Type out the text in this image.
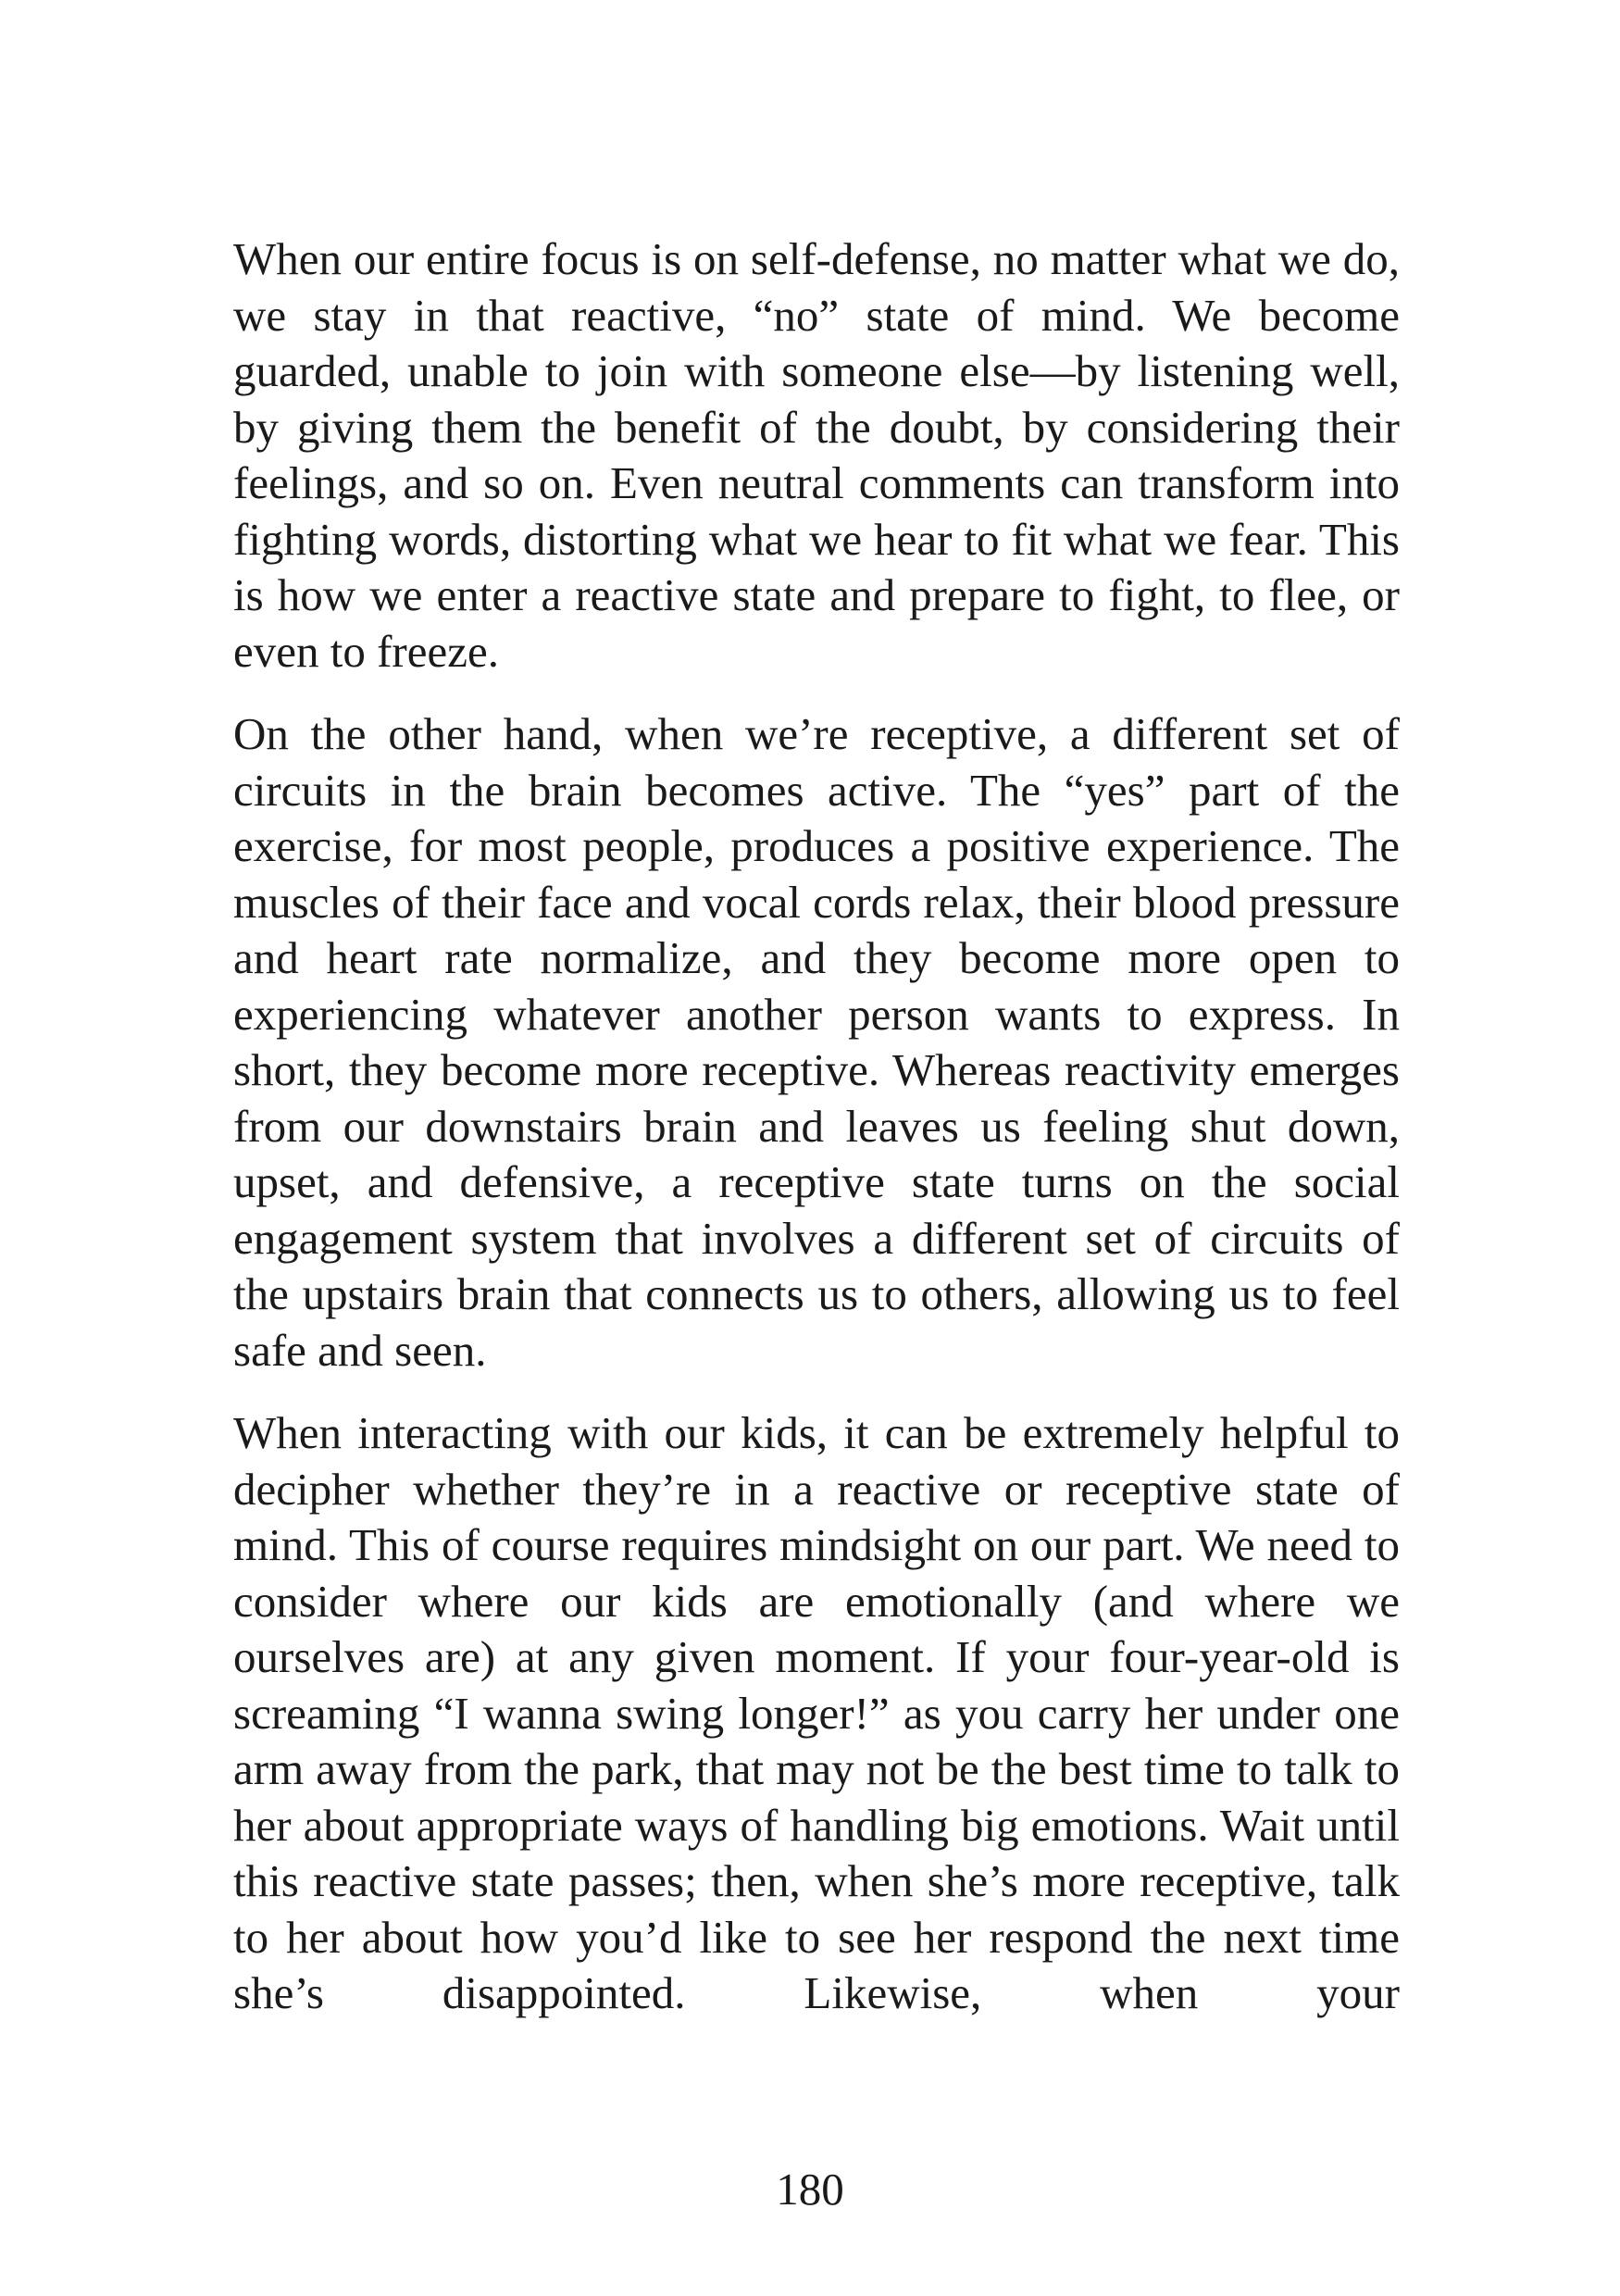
When our entire focus is on self-defense, no matter what we do, we stay in that reactive, “no” state of mind. We become guarded, unable to join with someone else—by listening well, by giving them the benefit of the doubt, by considering their feelings, and so on. Even neutral comments can transform into fighting words, distorting what we hear to fit what we fear. This is how we enter a reactive state and prepare to fight, to flee, or even to freeze.

On the other hand, when we’re receptive, a different set of circuits in the brain becomes active. The “yes” part of the exercise, for most people, produces a positive experience. The muscles of their face and vocal cords relax, their blood pressure and heart rate normalize, and they become more open to experiencing whatever another person wants to express. In short, they become more receptive. Whereas reactivity emerges from our downstairs brain and leaves us feeling shut down, upset, and defensive, a receptive state turns on the social engagement system that involves a different set of circuits of the upstairs brain that connects us to others, allowing us to feel safe and seen.

When interacting with our kids, it can be extremely helpful to decipher whether they’re in a reactive or receptive state of mind. This of course requires mindsight on our part. We need to consider where our kids are emotionally (and where we ourselves are) at any given moment. If your four-year-old is screaming “I wanna swing longer!” as you carry her under one arm away from the park, that may not be the best time to talk to her about appropriate ways of handling big emotions. Wait until this reactive state passes; then, when she’s more receptive, talk to her about how you’d like to see her respond the next time she’s disappointed. Likewise, when your

180
